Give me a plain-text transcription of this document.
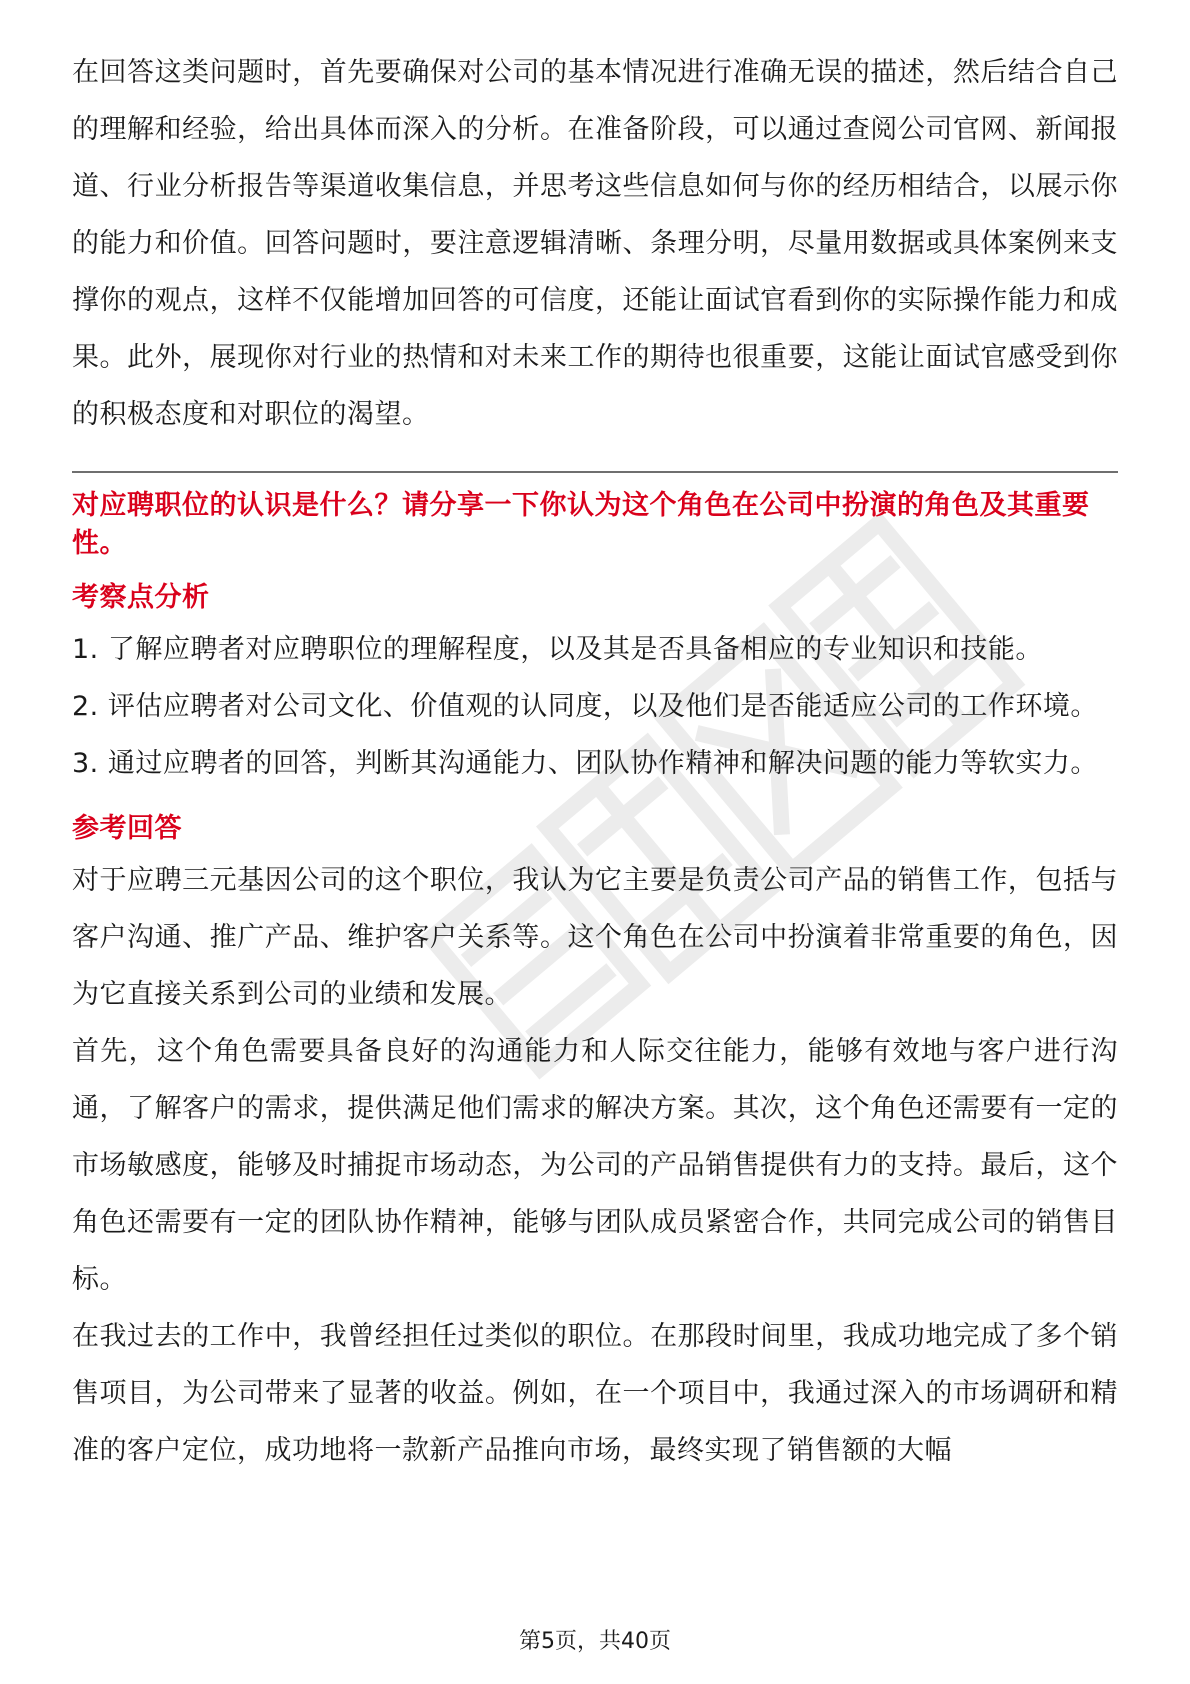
在回答这类问题时，首先要确保对公司的基本情况进行准确无误的描述，然后结合自己的理解和经验，给出具体而深入的分析。在准备阶段，可以通过查阅公司官网、新闻报道、行业分析报告等渠道收集信息，并思考这些信息如何与你的经历相结合，以展示你的能力和价值。回答问题时，要注意逻辑清晰、条理分明，尽量用数据或具体案例来支撑你的观点，这样不仅能增加回答的可信度，还能让面试官看到你的实际操作能力和成果。此外，展现你对行业的热情和对未来工作的期待也很重要，这能让面试官感受到你的积极态度和对职位的渴望。

对应聘职位的认识是什么？请分享一下你认为这个角色在公司中扮演的角色及其重要性。

考察点分析

1. 了解应聘者对应聘职位的理解程度，以及其是否具备相应的专业知识和技能。

2. 评估应聘者对公司文化、价值观的认同度，以及他们是否能适应公司的工作环境。

3. 通过应聘者的回答，判断其沟通能力、团队协作精神和解决问题的能力等软实力。

参考回答

对于应聘三元基因公司的这个职位，我认为它主要是负责公司产品的销售工作，包括与客户沟通、推广产品、维护客户关系等。这个角色在公司中扮演着非常重要的角色，因为它直接关系到公司的业绩和发展。

首先，这个角色需要具备良好的沟通能力和人际交往能力，能够有效地与客户进行沟通，了解客户的需求，提供满足他们需求的解决方案。其次，这个角色还需要有一定的市场敏感度，能够及时捕捉市场动态，为公司的产品销售提供有力的支持。最后，这个角色还需要有一定的团队协作精神，能够与团队成员紧密合作，共同完成公司的销售目标。

在我过去的工作中，我曾经担任过类似的职位。在那段时间里，我成功地完成了多个销售项目，为公司带来了显著的收益。例如，在一个项目中，我通过深入的市场调研和精准的客户定位，成功地将一款新产品推向市场，最终实现了销售额的大幅

第5页，共40页
